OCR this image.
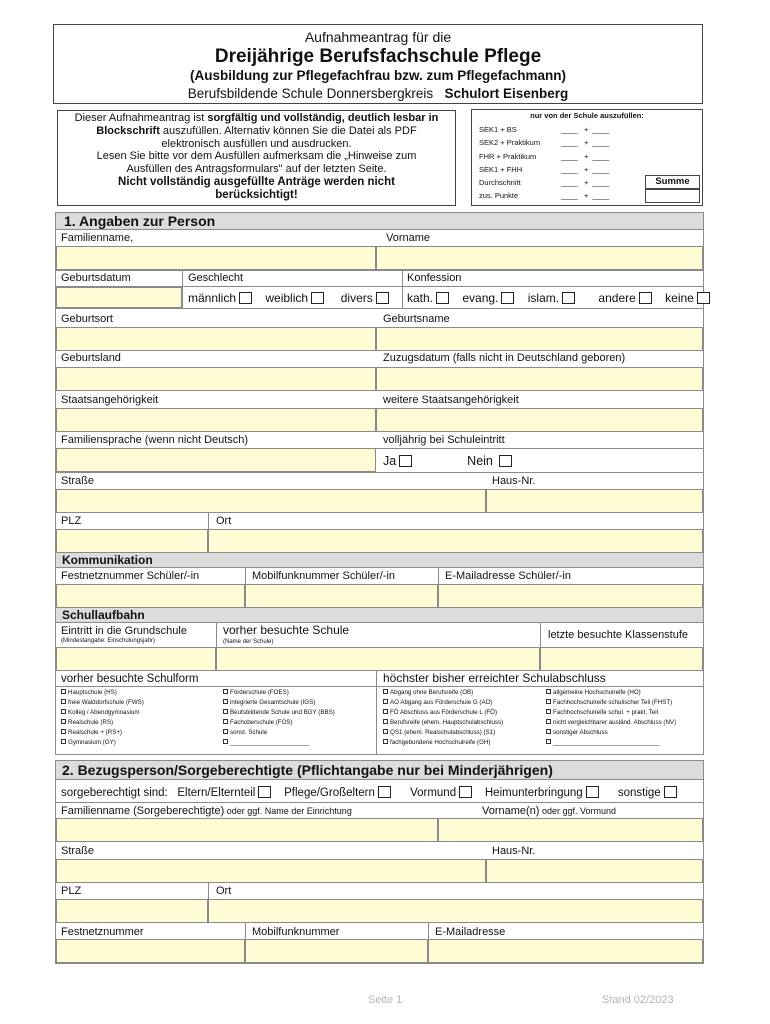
Aufnahmeantrag für die
Dreijährige Berufsfachschule Pflege
(Ausbildung zur Pflegefachfrau bzw. zum Pflegefachmann)
Berufsbildende Schule Donnersbergkreis Schulort Eisenberg
Dieser Aufnahmeantrag ist sorgfältig und vollständig, deutlich lesbar in
Blockschrift auszufüllen. Alternativ können Sie die Datei als PDF
elektronisch ausfüllen und ausdrucken.
Lesen Sie bitte vor dem Ausfüllen aufmerksam die „Hinweise zum
Ausfüllen des Antragsformulars" auf der letzten Seite.
Nicht vollständig ausgefüllte Anträge werden nicht
berücksichtigt!
nur von der Schule auszufüllen:
SEK1 + BS	____ + ____
SEK2 + Praktikum	____ + ____
FHR + Praktikum	____ + ____
SEK1 + FHH	____ + ____
Durchschnitt	____ + ____
zus. Punkte	____ + ____
Summe
1. Angaben zur Person
Familienname,	Vorname
Geburtsdatum	Geschlecht	Konfession
männlich weiblich	divers	kath. evang. islam.	andere keine
Geburtsort	Geburtsname
Geburtsland	Zuzugsdatum (falls nicht in Deutschland geboren)
Staatsangehörigkeit	weitere Staatsangehörigkeit
Familiensprache (wenn nicht Deutsch)	volljährig bei Schuleintritt
Ja	Nein
Straße	Haus-Nr.
PLZ	Ort
Kommunikation
Festnetznummer Schüler/-in	Mobilfunknummer Schüler/-in	E-Mailadresse Schüler/-in
Schullaufbahn
Eintritt in die Grundschule
(Mindestangabe: Einschulungsjahr)
vorher besuchte Schule
(Name der Schule)
letzte besuchte Klassenstufe
vorher besuchte Schulform	höchster bisher erreichter Schulabschluss
Hauptschule (HS)
freie Walddorfschule (FWS)
Kolleg / Abendgymnasium
Realschule (RS)
Realschule + (RS+)
Gymnasium (GY)
Förderschule (FOES)
integrierte Gesamtschule (IGS)
Beufsbildende Schule und BGY (BBS)
Fachoberschule (FOS)
sonst. Schule
_______________________
Abgang ohne Berufsreife (OB)
AO Abgang aus Förderschule G (AO)
FÖ Abschluss aus Förderschule L (FÖ)
Berufsreife (ehem. Hauptschulabschluss)
QS1 (ehem. Realschulabschluss) (S1)
fachgebundene Hochschulreife (GH)
allgemeine Hochschulreife (HO)
Fachhochschulreife schulischer Teil (FHST)
Fachhochschulreife schul. + prakt. Teil
nicht vergleichbarer ausländ. Abschluss (NV)
sonstiger Abschluss
_______________________________
2. Bezugsperson/Sorgeberechtigte (Pflichtangabe nur bei Minderjährigen)
sorgeberechtigt sind: Eltern/Elternteil	Pflege/Großeltern	Vormund	Heimunterbringung	sonstige
Familienname (Sorgeberechtigte) oder ggf. Name der Einrichtung	Vorname(n) oder ggf. Vormund
Straße	Haus-Nr.
PLZ	Ort
Festnetznummer	Mobilfunknummer	E-Mailadresse
Seite 1	Stand 02/2023
